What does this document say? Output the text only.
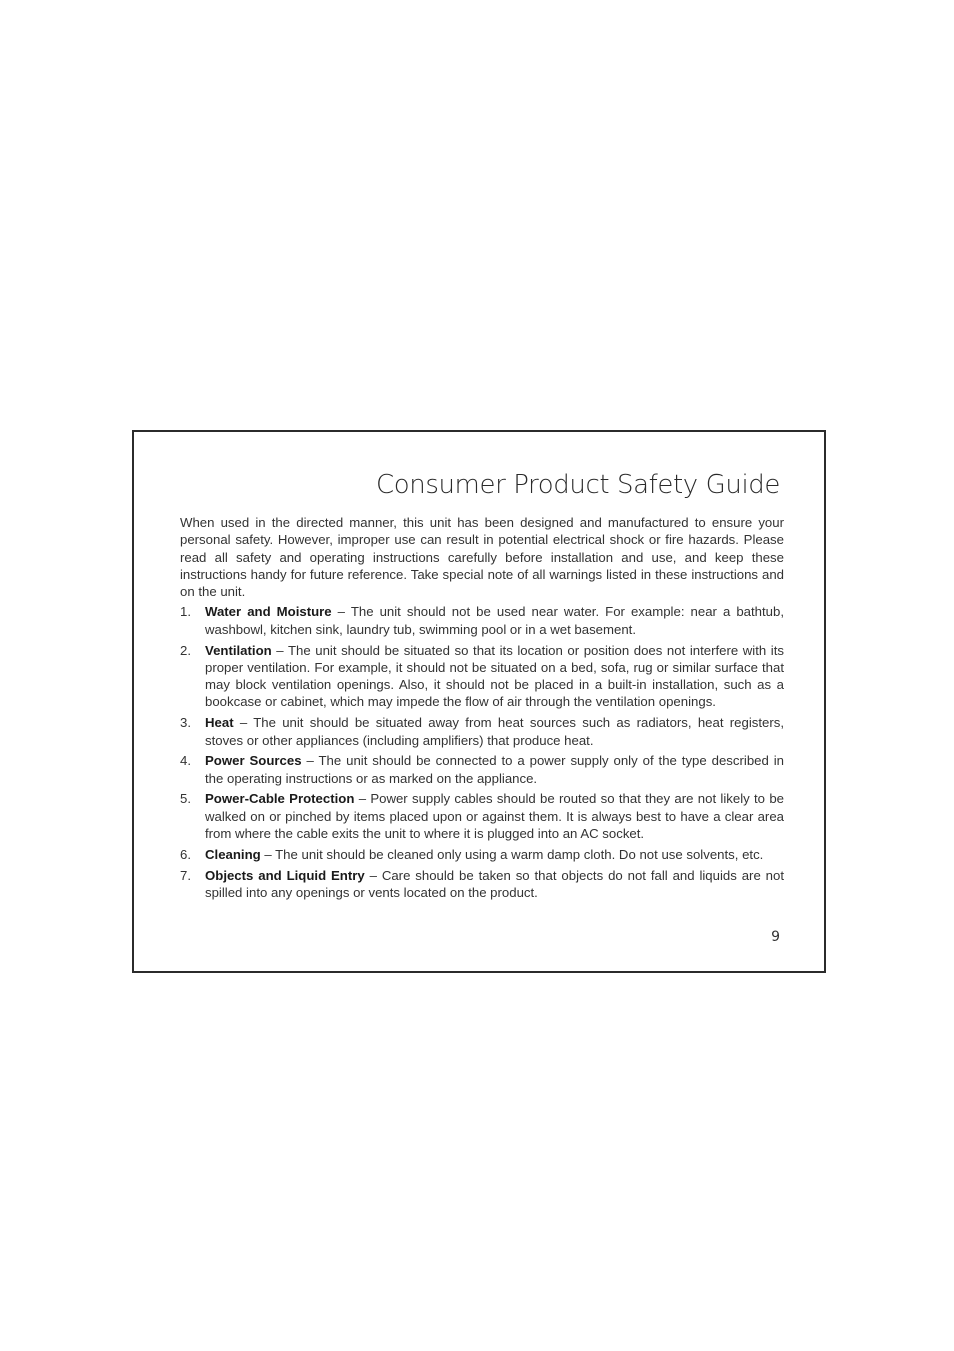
Consumer Product Safety Guide

When used in the directed manner, this unit has been designed and manufactured to ensure your personal safety. However, improper use can result in potential electrical shock or fire hazards. Please read all safety and operating instructions carefully before installation and use, and keep these instructions handy for future reference. Take special note of all warnings listed in these instructions and on the unit.

1. Water and Moisture – The unit should not be used near water. For example: near a bathtub, washbowl, kitchen sink, laundry tub, swimming pool or in a wet basement.
2. Ventilation – The unit should be situated so that its location or position does not interfere with its proper ventilation. For example, it should not be situated on a bed, sofa, rug or similar surface that may block ventilation openings. Also, it should not be placed in a built-in installation, such as a bookcase or cabinet, which may impede the flow of air through the ventilation openings.
3. Heat – The unit should be situated away from heat sources such as radiators, heat registers, stoves or other appliances (including amplifiers) that produce heat.
4. Power Sources – The unit should be connected to a power supply only of the type described in the operating instructions or as marked on the appliance.
5. Power-Cable Protection – Power supply cables should be routed so that they are not likely to be walked on or pinched by items placed upon or against them. It is always best to have a clear area from where the cable exits the unit to where it is plugged into an AC socket.
6. Cleaning – The unit should be cleaned only using a warm damp cloth. Do not use solvents, etc.
7. Objects and Liquid Entry – Care should be taken so that objects do not fall and liquids are not spilled into any openings or vents located on the product.
9
